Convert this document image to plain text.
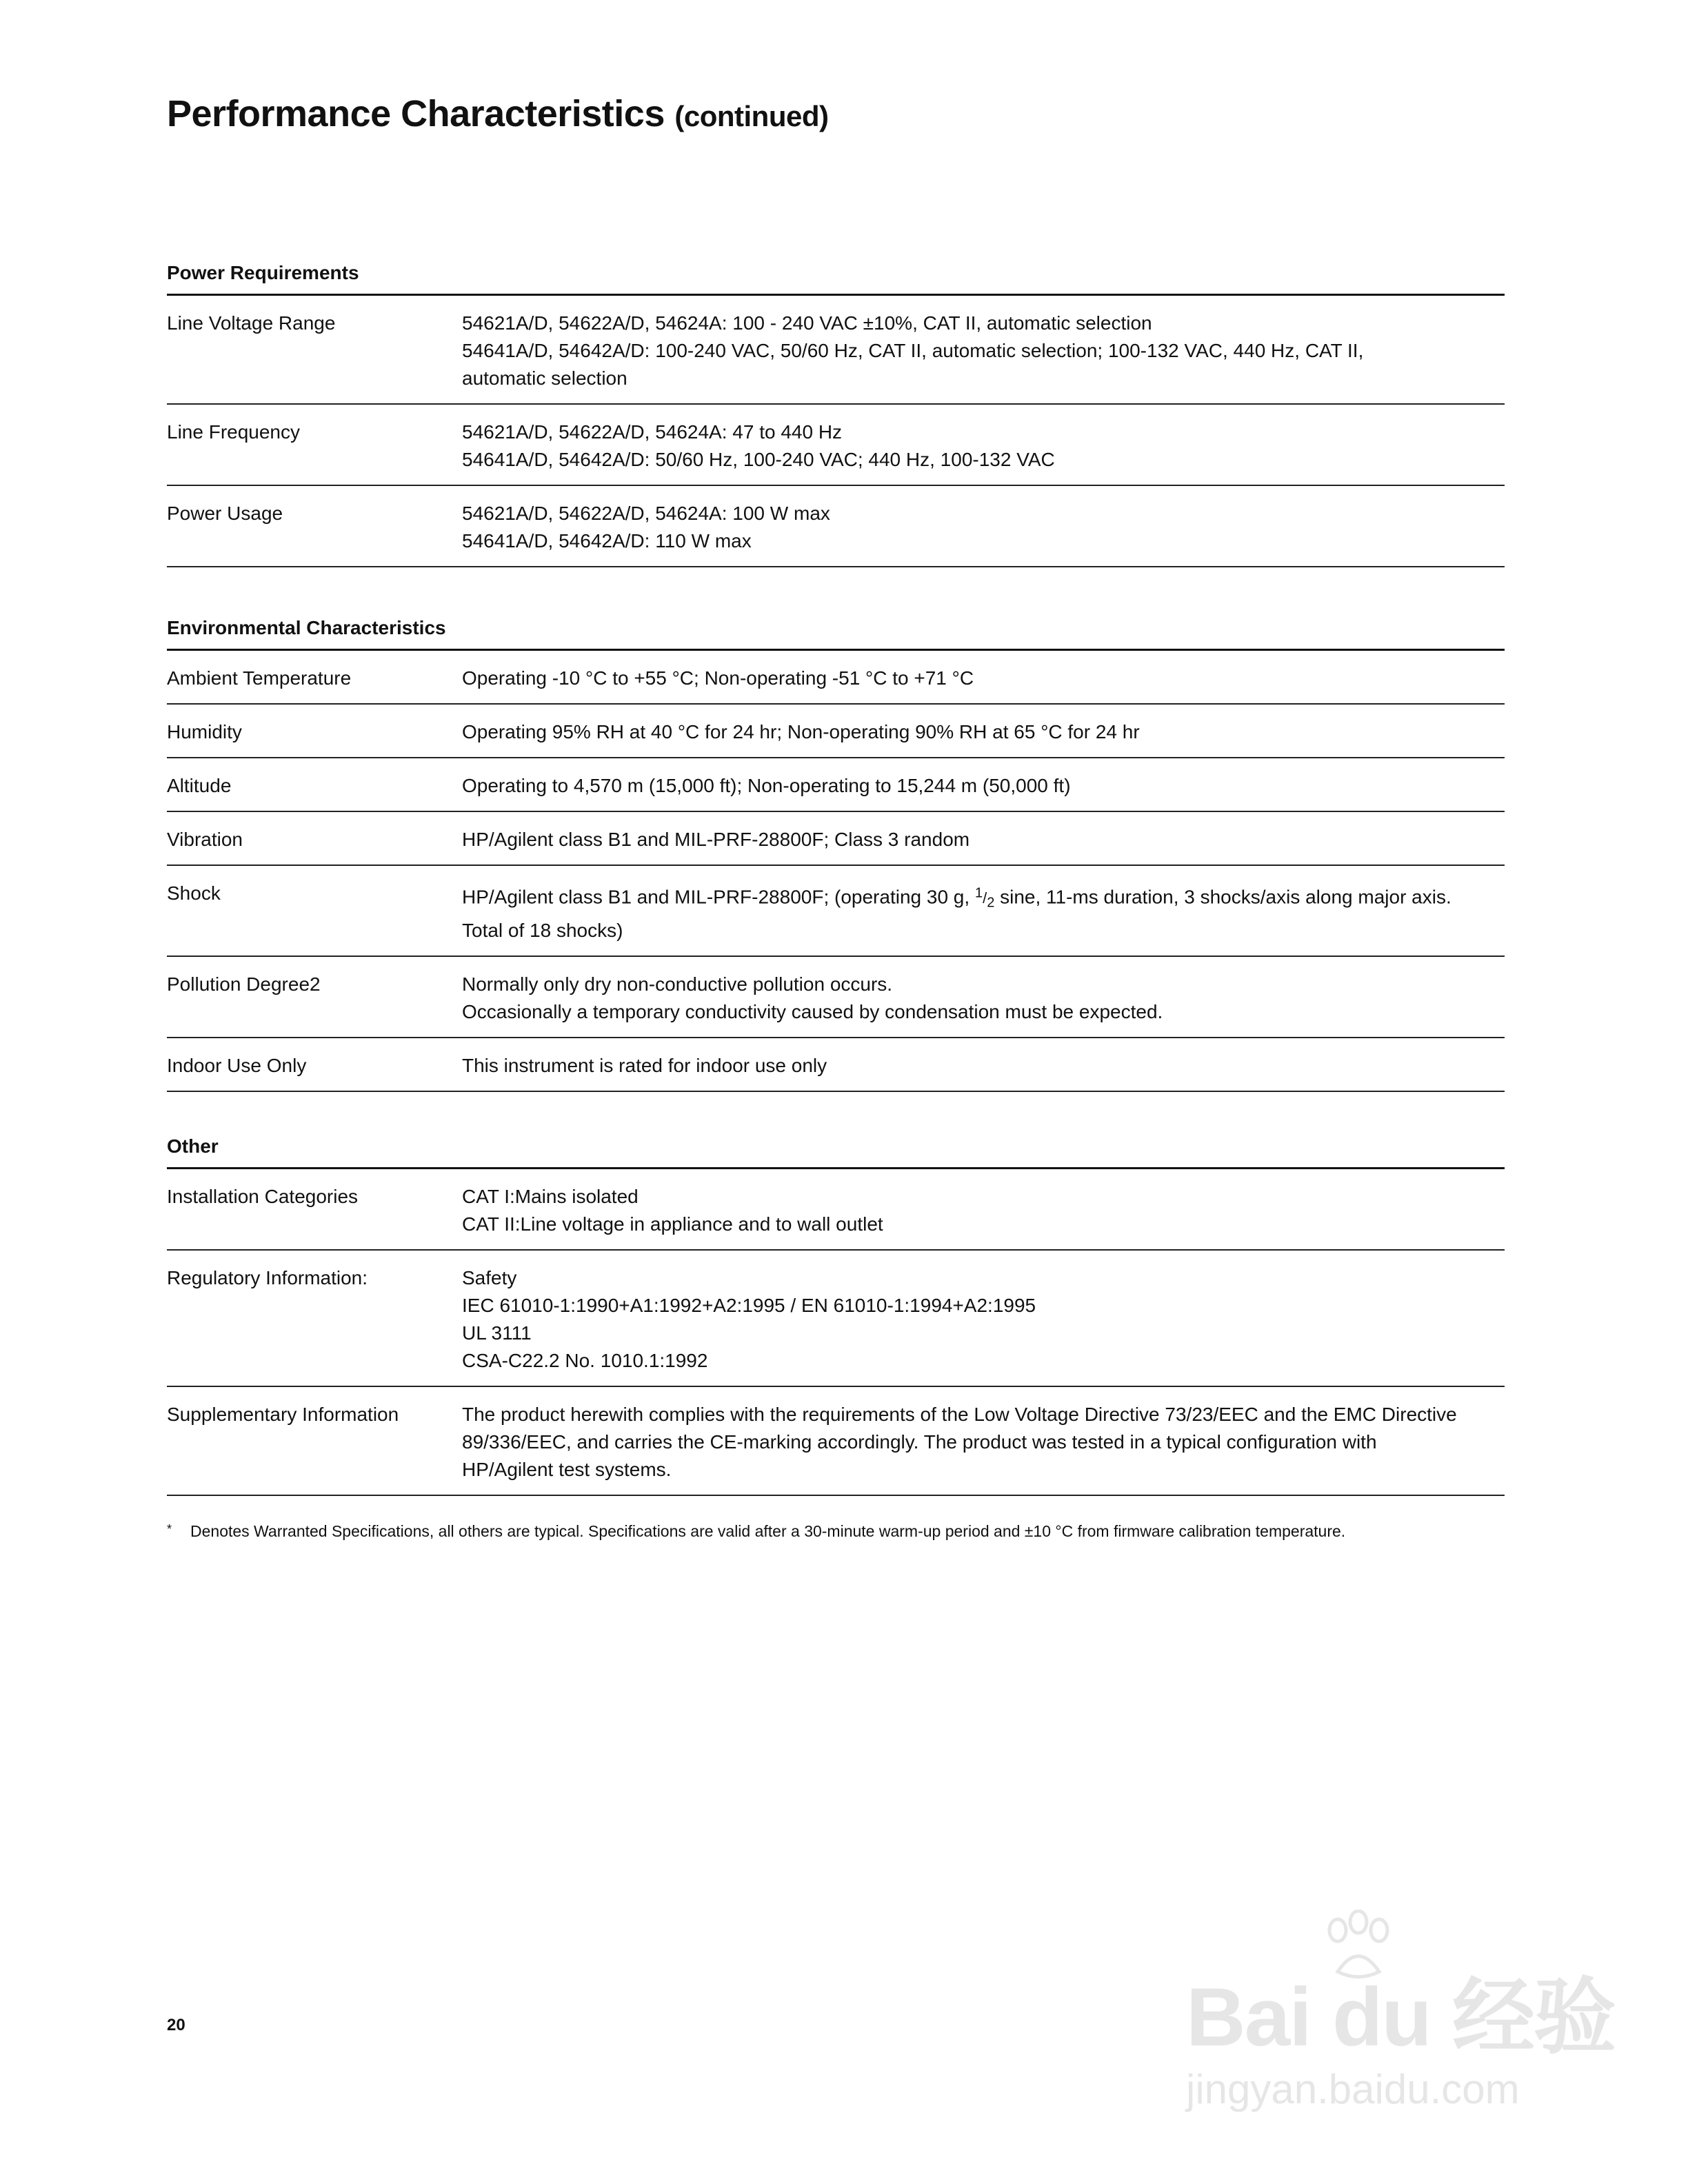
Performance Characteristics (continued)
Power Requirements
Line Voltage Range	54621A/D, 54622A/D, 54624A: 100 - 240 VAC ±10%, CAT II, automatic selection
54641A/D, 54642A/D: 100-240 VAC, 50/60 Hz, CAT II, automatic selection; 100-132 VAC, 440 Hz, CAT II,
automatic selection
Line Frequency	54621A/D, 54622A/D, 54624A: 47 to 440 Hz
54641A/D, 54642A/D: 50/60 Hz, 100-240 VAC; 440 Hz, 100-132 VAC
Power Usage	54621A/D, 54622A/D, 54624A: 100 W max
54641A/D, 54642A/D: 110 W max
Environmental Characteristics
Ambient Temperature	Operating -10 °C to +55 °C; Non-operating -51 °C to +71 °C
Humidity	Operating 95% RH at 40 °C for 24 hr; Non-operating 90% RH at 65 °C for 24 hr
Altitude	Operating to 4,570 m (15,000 ft); Non-operating to 15,244 m (50,000 ft)
Vibration	HP/Agilent class B1 and MIL-PRF-28800F; Class 3 random
Shock	HP/Agilent class B1 and MIL-PRF-28800F; (operating 30 g, $^1/_2$ sine, 11-ms duration, 3 shocks/axis along major axis.
Total of 18 shocks)
Pollution Degree2	Normally only dry non-conductive pollution occurs.
Occasionally a temporary conductivity caused by condensation must be expected.
Indoor Use Only	This instrument is rated for indoor use only
Other
Installation Categories	CAT I:Mains isolated
CAT II:Line voltage in appliance and to wall outlet
Regulatory Information:	Safety
IEC 61010-1:1990+A1:1992+A2:1995 / EN 61010-1:1994+A2:1995
UL 3111
CSA-C22.2 No. 1010.1:1992
Supplementary Information	The product herewith complies with the requirements of the Low Voltage Directive 73/23/EEC and the EMC Directive
89/336/EEC, and carries the CE-marking accordingly. The product was tested in a typical configuration with
HP/Agilent test systems.
* Denotes Warranted Specifications, all others are typical. Specifications are valid after a 30-minute warm-up period and ±10 °C from firmware calibration temperature.
20	Bai du 经验
jingyan.baidu.com
